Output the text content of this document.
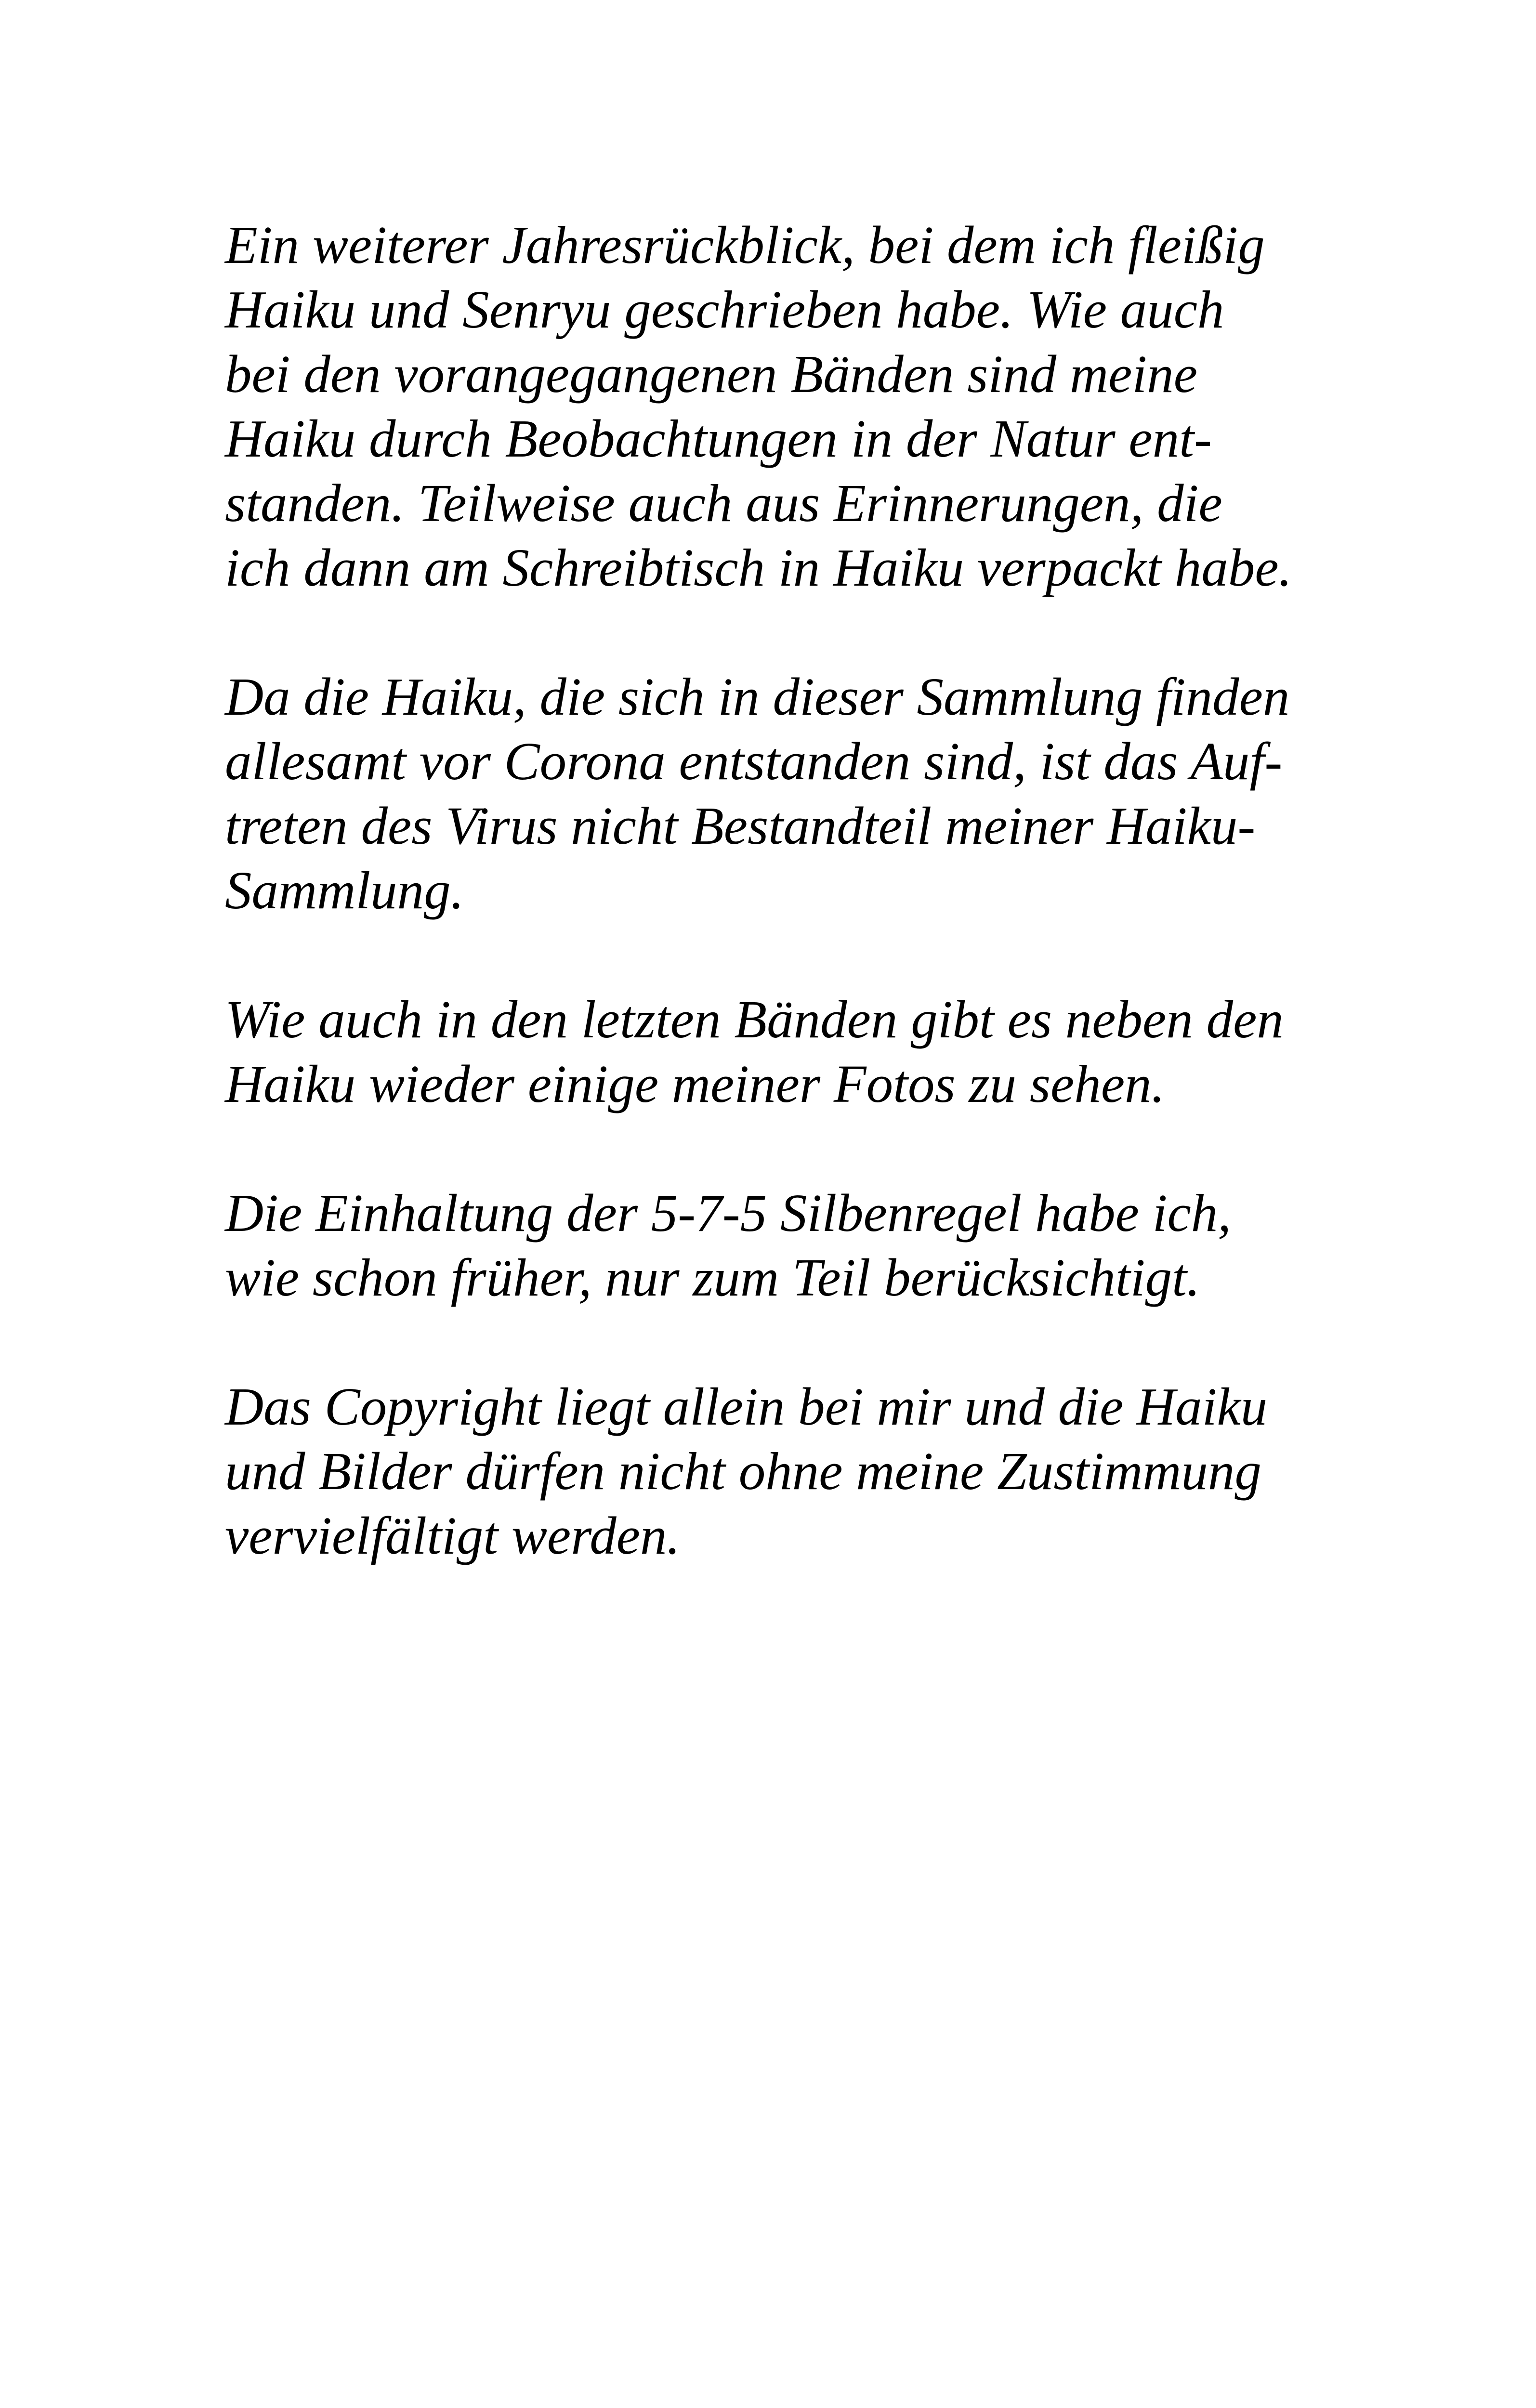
Ein weiterer Jahresrückblick, bei dem ich fleißig
Haiku und Senryu geschrieben habe. Wie auch
bei den vorangegangenen Bänden sind meine
Haiku durch Beobachtungen in der Natur ent-
standen. Teilweise auch aus Erinnerungen, die
ich dann am Schreibtisch in Haiku verpackt habe.

Da die Haiku, die sich in dieser Sammlung finden
allesamt vor Corona entstanden sind, ist das Auf-
treten des Virus nicht Bestandteil meiner Haiku-
Sammlung.

Wie auch in den letzten Bänden gibt es neben den
Haiku wieder einige meiner Fotos zu sehen.

Die Einhaltung der 5-7-5 Silbenregel habe ich,
wie schon früher, nur zum Teil berücksichtigt.

Das Copyright liegt allein bei mir und die Haiku
und Bilder dürfen nicht ohne meine Zustimmung
vervielfältigt werden.
